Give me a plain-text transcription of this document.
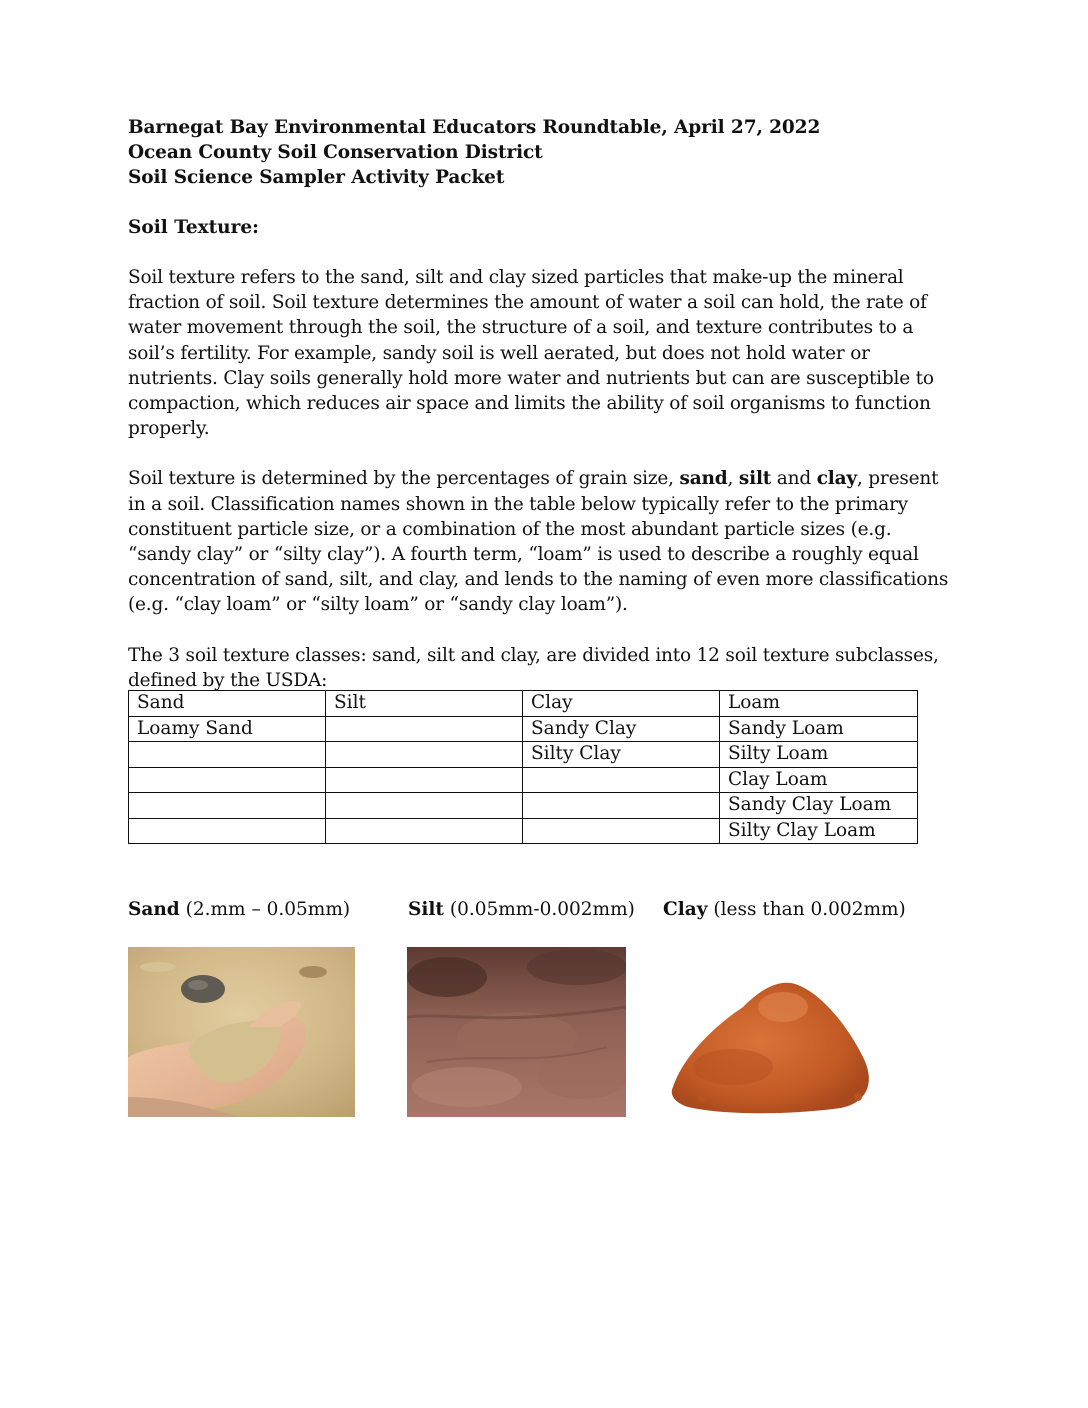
Barnegat Bay Environmental Educators Roundtable, April 27, 2022
Ocean County Soil Conservation District
Soil Science Sampler Activity Packet
Soil Texture:

Soil texture refers to the sand, silt and clay sized particles that make-up the mineral fraction of soil. Soil texture determines the amount of water a soil can hold, the rate of water movement through the soil, the structure of a soil, and texture contributes to a soil’s fertility. For example, sandy soil is well aerated, but does not hold water or nutrients. Clay soils generally hold more water and nutrients but can are susceptible to compaction, which reduces air space and limits the ability of soil organisms to function properly.

Soil texture is determined by the percentages of grain size, sand, silt and clay, present in a soil. Classification names shown in the table below typically refer to the primary constituent particle size, or a combination of the most abundant particle sizes (e.g. “sandy clay” or “silty clay”). A fourth term, “loam” is used to describe a roughly equal concentration of sand, silt, and clay, and lends to the naming of even more classifications (e.g. “clay loam” or “silty loam” or “sandy clay loam”).

The 3 soil texture classes: sand, silt and clay, are divided into 12 soil texture subclasses, defined by the USDA:

Sand	Silt	Clay	Loam
Loamy Sand		Sandy Clay	Sandy Loam
		Silty Clay	Silty Loam
			Clay Loam
			Sandy Clay Loam
			Silty Clay Loam
Sand (2.mm – 0.05mm)	Silt (0.05mm-0.002mm) Clay (less than 0.002mm)
